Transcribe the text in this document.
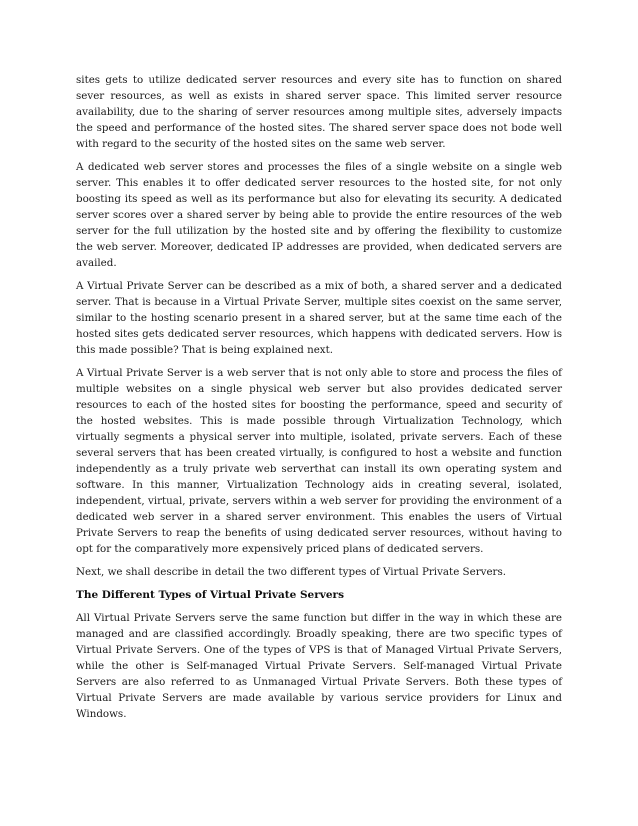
sites gets to utilize dedicated server resources and every site has to function on shared sever resources, as well as exists in shared server space. This limited server resource availability, due to the sharing of server resources among multiple sites, adversely impacts the speed and performance of the hosted sites. The shared server space does not bode well with regard to the security of the hosted sites on the same web server.

A dedicated web server stores and processes the files of a single website on a single web server. This enables it to offer dedicated server resources to the hosted site, for not only boosting its speed as well as its performance but also for elevating its security. A dedicated server scores over a shared server by being able to provide the entire resources of the web server for the full utilization by the hosted site and by offering the flexibility to customize the web server. Moreover, dedicated IP addresses are provided, when dedicated servers are availed.

A Virtual Private Server can be described as a mix of both, a shared server and a dedicated server. That is because in a Virtual Private Server, multiple sites coexist on the same server, similar to the hosting scenario present in a shared server, but at the same time each of the hosted sites gets dedicated server resources, which happens with dedicated servers. How is this made possible? That is being explained next.

A Virtual Private Server is a web server that is not only able to store and process the files of multiple websites on a single physical web server but also provides dedicated server resources to each of the hosted sites for boosting the performance, speed and security of the hosted websites. This is made possible through Virtualization Technology, which virtually segments a physical server into multiple, isolated, private servers. Each of these several servers that has been created virtually, is configured to host a website and function independently as a truly private web serverthat can install its own operating system and software. In this manner, Virtualization Technology aids in creating several, isolated, independent, virtual, private, servers within a web server for providing the environment of a dedicated web server in a shared server environment. This enables the users of Virtual Private Servers to reap the benefits of using dedicated server resources, without having to opt for the comparatively more expensively priced plans of dedicated servers.

Next, we shall describe in detail the two different types of Virtual Private Servers.

The Different Types of Virtual Private Servers

All Virtual Private Servers serve the same function but differ in the way in which these are managed and are classified accordingly. Broadly speaking, there are two specific types of Virtual Private Servers. One of the types of VPS is that of Managed Virtual Private Servers, while the other is Self-managed Virtual Private Servers. Self-managed Virtual Private Servers are also referred to as Unmanaged Virtual Private Servers. Both these types of Virtual Private Servers are made available by various service providers for Linux and Windows.
